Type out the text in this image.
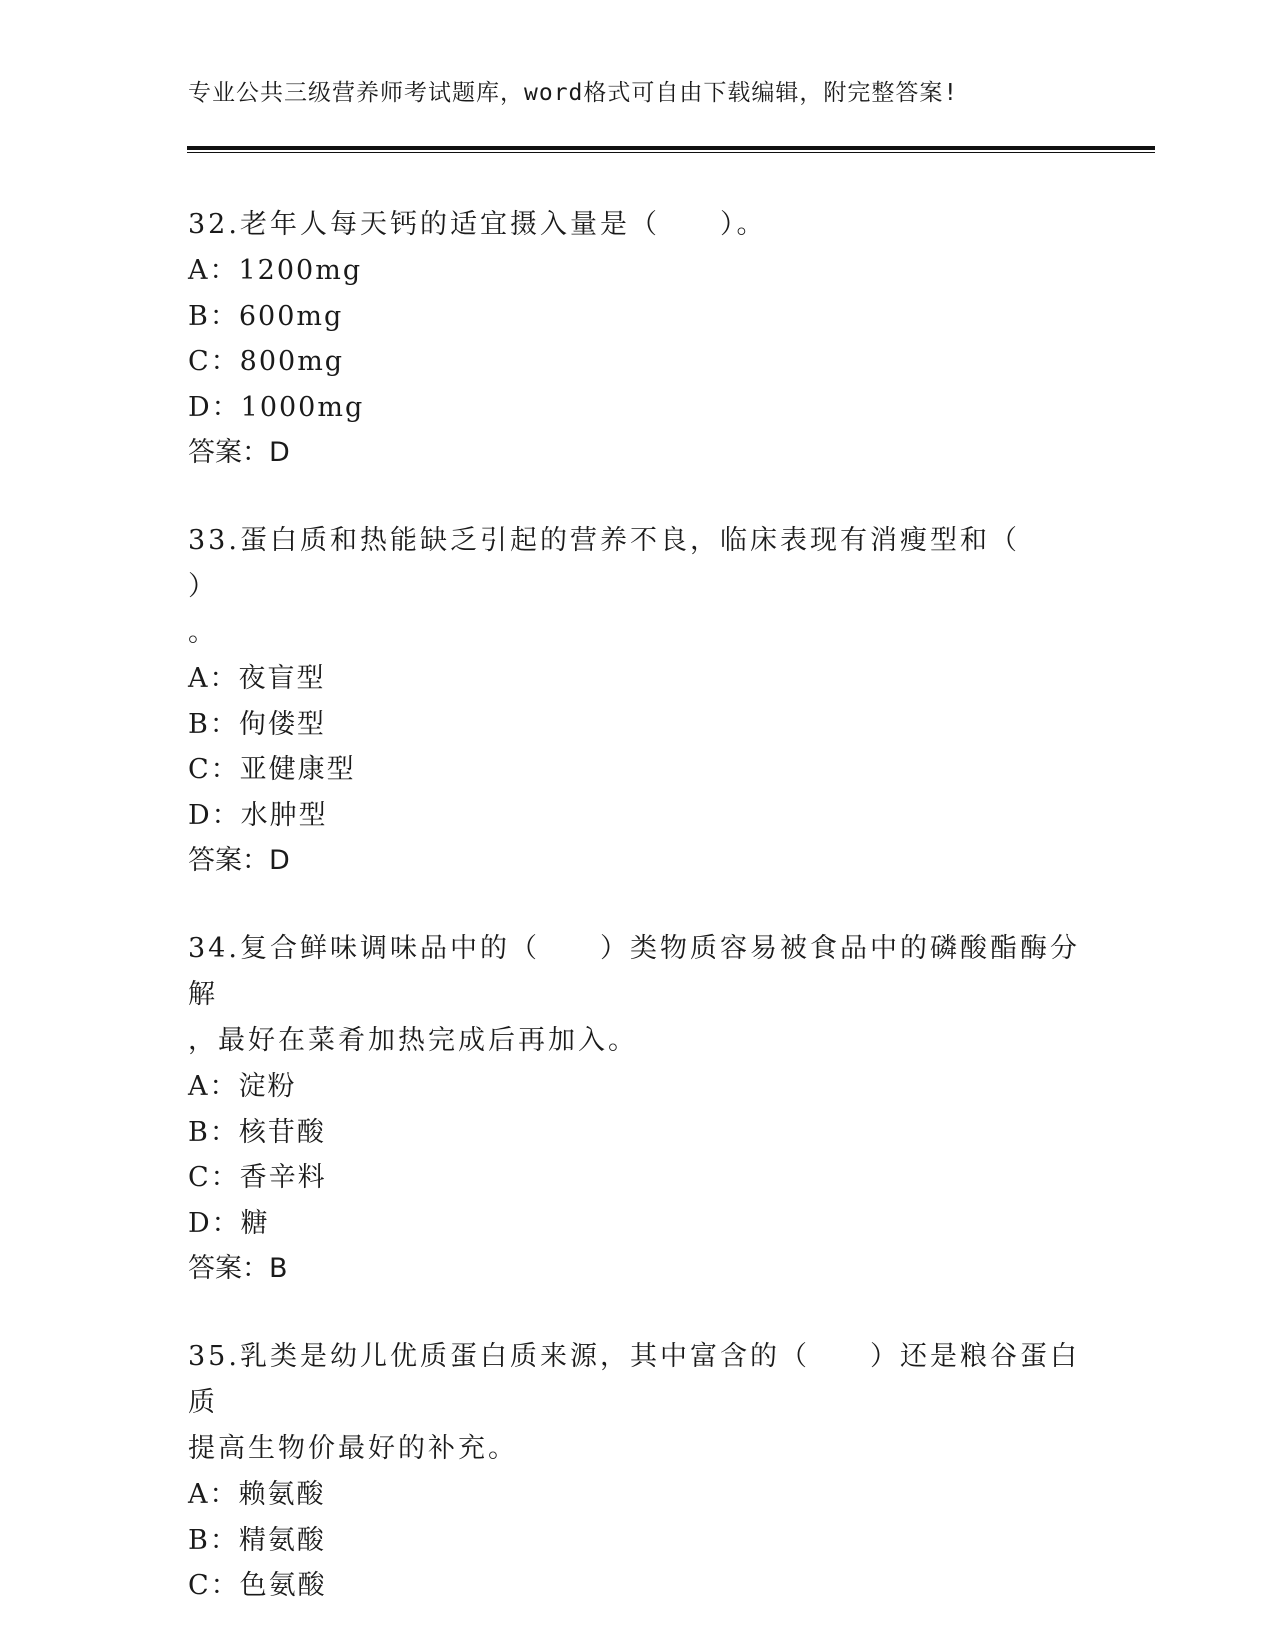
专业公共三级营养师考试题库，word格式可自由下载编辑，附完整答案!
32.老年人每天钙的适宜摄入量是（　　）。
A：1200mg
B：600mg
C：800mg
D：1000mg
答案：D
33.蛋白质和热能缺乏引起的营养不良，临床表现有消瘦型和（　　）
。
A：夜盲型
B：佝偻型
C：亚健康型
D：水肿型
答案：D
34.复合鲜味调味品中的（　　）类物质容易被食品中的磷酸酯酶分解
，最好在菜肴加热完成后再加入。
A：淀粉
B：核苷酸
C：香辛料
D：糖
答案：B
35.乳类是幼儿优质蛋白质来源，其中富含的（　　）还是粮谷蛋白质
提高生物价最好的补充。
A：赖氨酸
B：精氨酸
C：色氨酸
